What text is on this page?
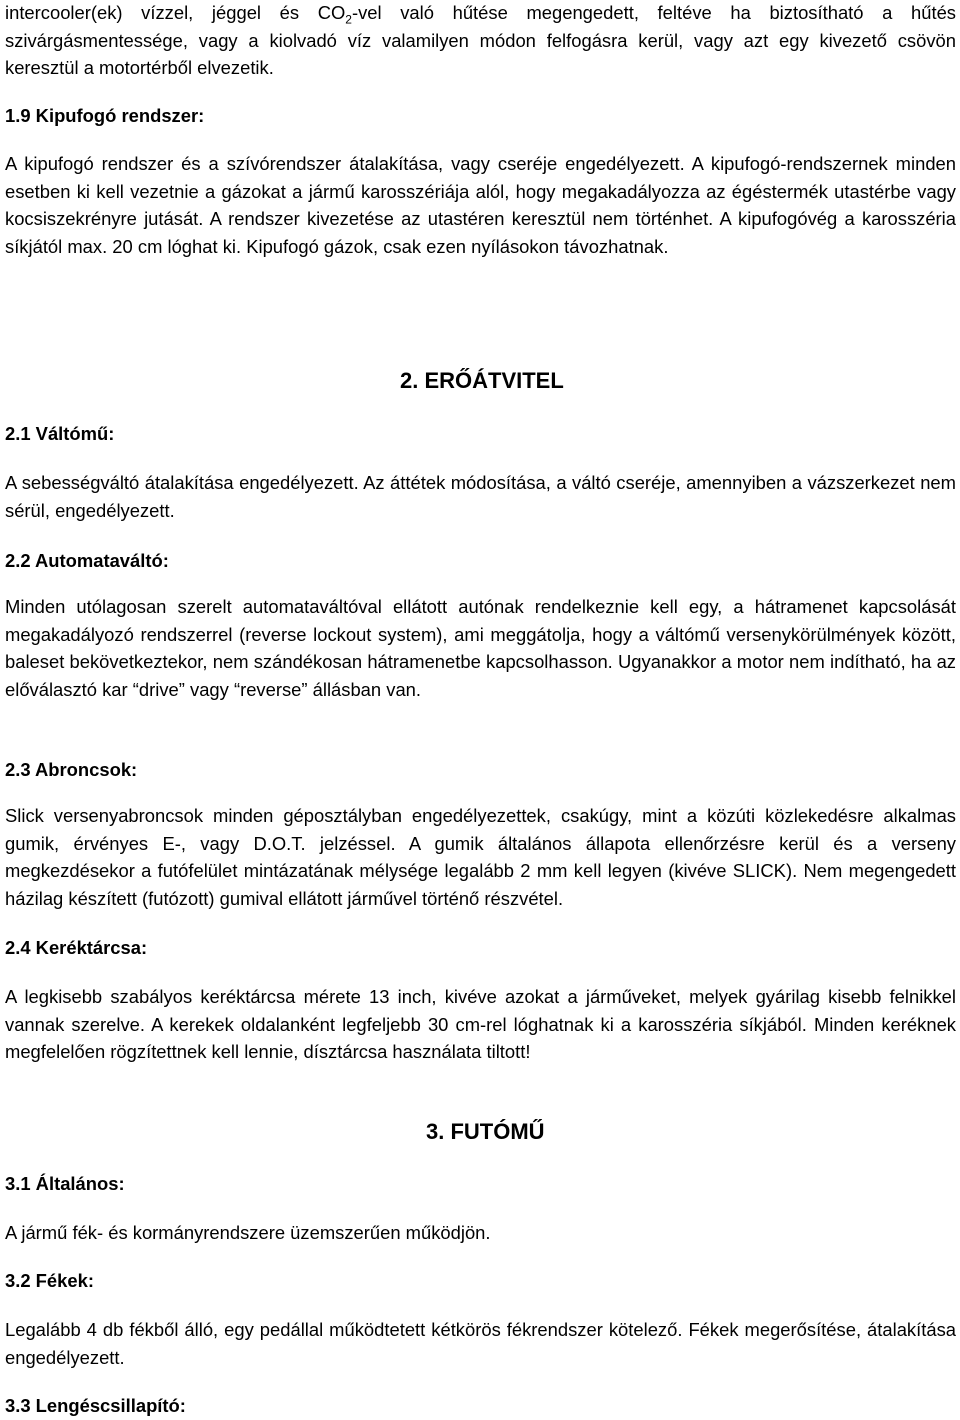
intercooler(ek) vízzel, jéggel és $CO_2$-vel való hűtése megengedett, feltéve ha biztosítható a hűtés szivárgásmentessége, vagy a kiolvadó víz valamilyen módon felfogásra kerül, vagy azt egy kivezető csövön keresztül a motortérből elvezetik.

1.9 Kipufogó rendszer:

A kipufogó rendszer és a szívórendszer átalakítása, vagy cseréje engedélyezett. A kipufogó-rendszernek minden esetben ki kell vezetnie a gázokat a jármű karosszériája alól, hogy megakadályozza az égéstermék utastérbe vagy kocsiszekrényre jutását. A rendszer kivezetése az utastéren keresztül nem történhet. A kipufogóvég a karosszéria síkjától max. 20 cm lóghat ki. Kipufogó gázok, csak ezen nyílásokon távozhatnak.

2. ERŐÁTVITEL
2.1 Váltómű:

A sebességváltó átalakítása engedélyezett. Az áttétek módosítása, a váltó cseréje, amennyiben a vázszerkezet nem sérül, engedélyezett.

2.2 Automataváltó:

Minden utólagosan szerelt automataváltóval ellátott autónak rendelkeznie kell egy, a hátramenet kapcsolását megakadályozó rendszerrel (reverse lockout system), ami meggátolja, hogy a váltómű versenykörülmények között, baleset bekövetkeztekor, nem szándékosan hátramenetbe kapcsolhasson. Ugyanakkor a motor nem indítható, ha az előválasztó kar “drive” vagy “reverse” állásban van.

2.3 Abroncsok:

Slick versenyabroncsok minden géposztályban engedélyezettek, csakúgy, mint a közúti közlekedésre alkalmas gumik, érvényes E-, vagy D.O.T. jelzéssel. A gumik általános állapota ellenőrzésre kerül és a verseny megkezdésekor a futófelület mintázatának mélysége legalább 2 mm kell legyen (kivéve SLICK). Nem megengedett házilag készített (futózott) gumival ellátott járművel történő részvétel.

2.4 Keréktárcsa:

A legkisebb szabályos keréktárcsa mérete 13 inch, kivéve azokat a járműveket, melyek gyárilag kisebb felnikkel vannak szerelve. A kerekek oldalanként legfeljebb 30 cm-rel lóghatnak ki a karosszéria síkjából. Minden keréknek megfelelően rögzítettnek kell lennie, dísztárcsa használata tiltott!

3. FUTÓMŰ
3.1 Általános:

A jármű fék- és kormányrendszere üzemszerűen működjön.

3.2 Fékek:

Legalább 4 db fékből álló, egy pedállal működtetett kétkörös fékrendszer kötelező. Fékek megerősítése, átalakítása engedélyezett.

3.3 Lengéscsillapító:
